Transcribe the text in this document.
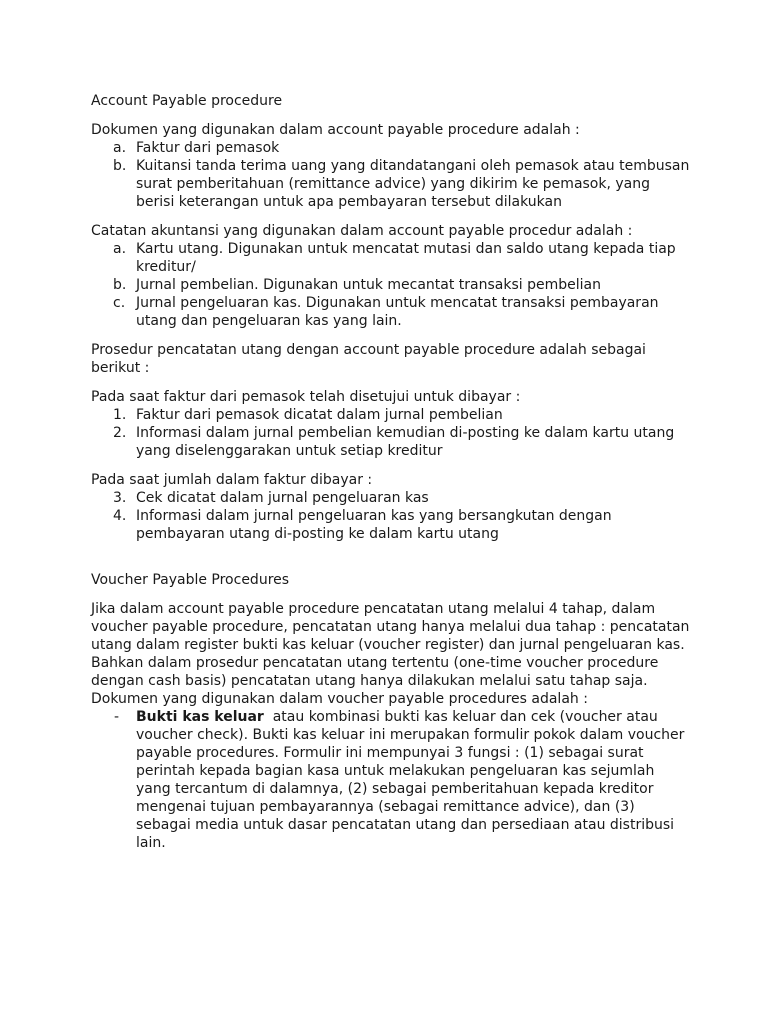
Account Payable procedure

Dokumen yang digunakan dalam account payable procedure adalah :

a. Faktur dari pemasok
b. Kuitansi tanda terima uang yang ditandatangani oleh pemasok atau tembusan surat pemberitahuan (remittance advice) yang dikirim ke pemasok, yang berisi keterangan untuk apa pembayaran tersebut dilakukan

Catatan akuntansi yang digunakan dalam account payable procedur adalah :

a. Kartu utang. Digunakan untuk mencatat mutasi dan saldo utang kepada tiap kreditur/
b. Jurnal pembelian. Digunakan untuk mecantat transaksi pembelian
c. Jurnal pengeluaran kas. Digunakan untuk mencatat transaksi pembayaran utang dan pengeluaran kas yang lain.

Prosedur pencatatan utang dengan account payable procedure adalah sebagai berikut :

Pada saat faktur dari pemasok telah disetujui untuk dibayar :

1. Faktur dari pemasok dicatat dalam jurnal pembelian
2. Informasi dalam jurnal pembelian kemudian di-posting ke dalam kartu utang yang diselenggarakan untuk setiap kreditur

Pada saat jumlah dalam faktur dibayar :

3. Cek dicatat dalam jurnal pengeluaran kas
4. Informasi dalam jurnal pengeluaran kas yang bersangkutan dengan pembayaran utang di-posting ke dalam kartu utang

Voucher Payable Procedures

Jika dalam account payable procedure pencatatan utang melalui 4 tahap, dalam voucher payable procedure, pencatatan utang hanya melalui dua tahap : pencatatan utang dalam register bukti kas keluar (voucher register) dan jurnal pengeluaran kas. Bahkan dalam prosedur pencatatan utang tertentu (one-time voucher procedure dengan cash basis) pencatatan utang hanya dilakukan melalui satu tahap saja. Dokumen yang digunakan dalam voucher payable procedures adalah :

- Bukti kas keluar  atau kombinasi bukti kas keluar dan cek (voucher atau voucher check). Bukti kas keluar ini merupakan formulir pokok dalam voucher payable procedures. Formulir ini mempunyai 3 fungsi : (1) sebagai surat perintah kepada bagian kasa untuk melakukan pengeluaran kas sejumlah yang tercantum di dalamnya, (2) sebagai pemberitahuan kepada kreditor mengenai tujuan pembayarannya (sebagai remittance advice), dan (3) sebagai media untuk dasar pencatatan utang dan persediaan atau distribusi lain.
